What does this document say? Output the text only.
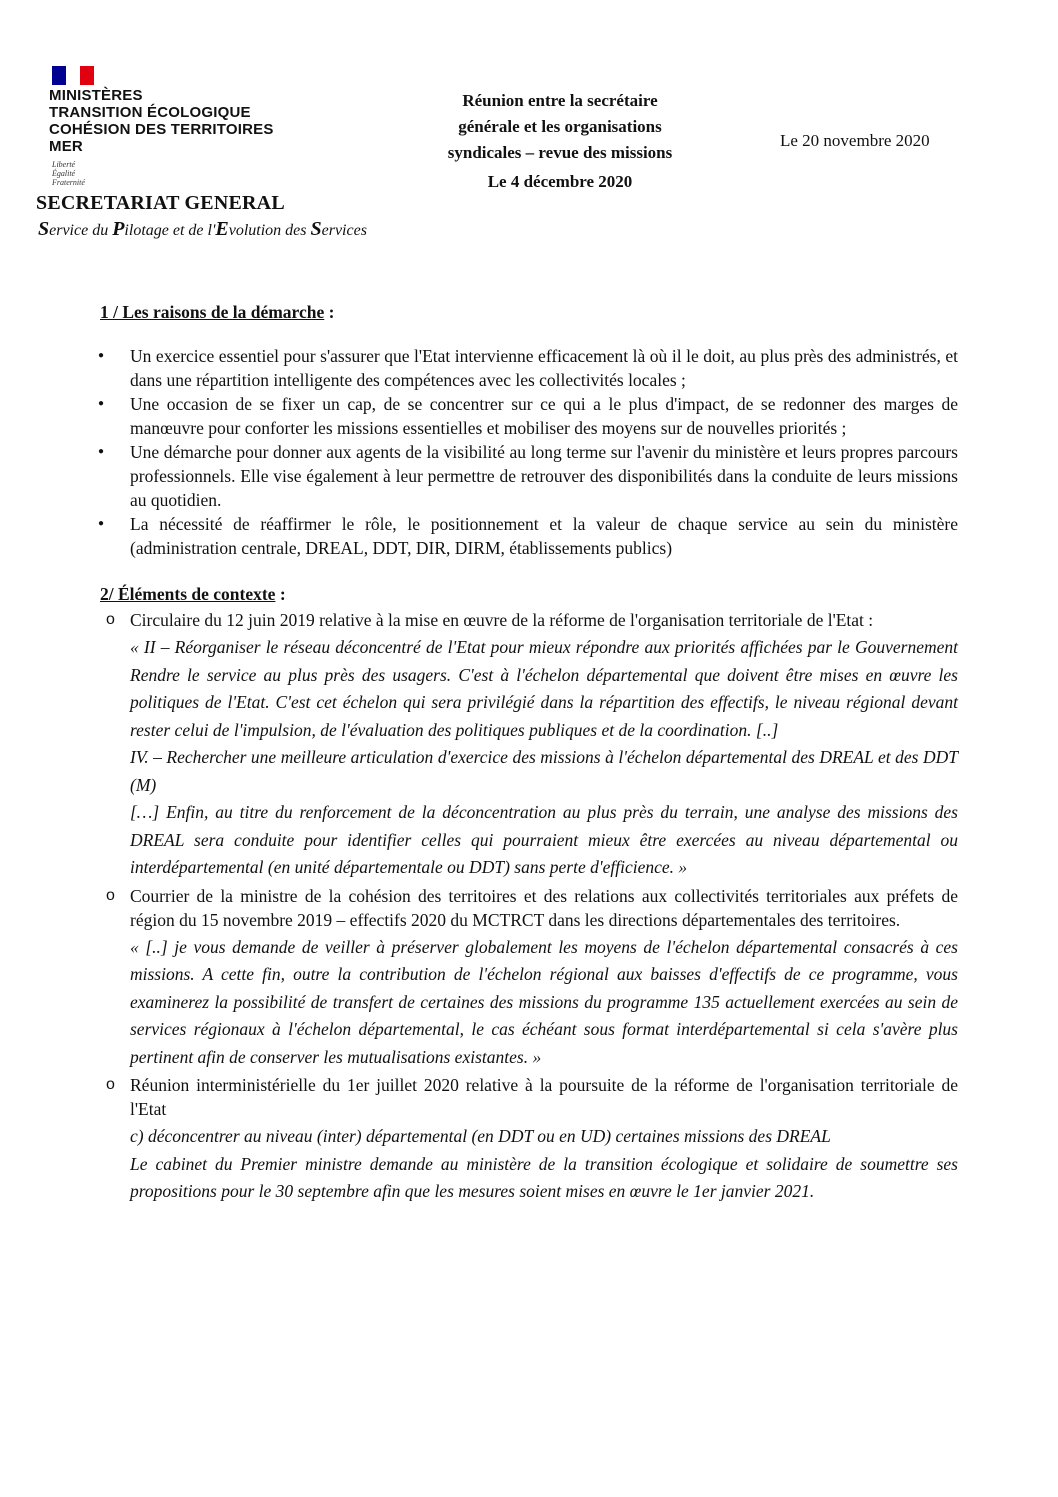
MINISTÈRES
TRANSITION ÉCOLOGIQUE
COHÉSION DES TERRITOIRES
MER
Liberté
Égalité
Fraternité
SECRETARIAT GENERAL
Service du Pilotage et de l'Evolution des Services
Réunion entre la secrétaire
générale et les organisations
syndicales – revue des missions
Le 4 décembre 2020
Le 20 novembre 2020
1 / Les raisons de la démarche :
● Un exercice essentiel pour s'assurer que l'Etat intervienne efficacement là où il le doit, au plus près des administrés, et dans une répartition intelligente des compétences avec les collectivités locales ;
● Une occasion de se fixer un cap, de se concentrer sur ce qui a le plus d'impact, de se redonner des marges de manœuvre pour conforter les missions essentielles et mobiliser des moyens sur de nouvelles priorités ;
● Une démarche pour donner aux agents de la visibilité au long terme sur l'avenir du ministère et leurs propres parcours professionnels. Elle vise également à leur permettre de retrouver des disponibilités dans la conduite de leurs missions au quotidien.
● La nécessité de réaffirmer le rôle, le positionnement et la valeur de chaque service au sein du ministère (administration centrale, DREAL, DDT, DIR, DIRM, établissements publics)
2/ Éléments de contexte :
o Circulaire du 12 juin 2019 relative à la mise en œuvre de la réforme de l'organisation territoriale de l'Etat :

« II – Réorganiser le réseau déconcentré de l'Etat pour mieux répondre aux priorités affichées par le Gouvernement Rendre le service au plus près des usagers. C'est à l'échelon départemental que doivent être mises en œuvre les politiques de l'Etat. C'est cet échelon qui sera privilégié dans la répartition des effectifs, le niveau régional devant rester celui de l'impulsion, de l'évaluation des politiques publiques et de la coordination. [..]

IV. – Rechercher une meilleure articulation d'exercice des missions à l'échelon départemental des DREAL et des DDT (M)

[…] Enfin, au titre du renforcement de la déconcentration au plus près du terrain, une analyse des missions des DREAL sera conduite pour identifier celles qui pourraient mieux être exercées au niveau départemental ou interdépartemental (en unité départementale ou DDT) sans perte d'efficience. »

o Courrier de la ministre de la cohésion des territoires et des relations aux collectivités territoriales aux préfets de région du 15 novembre 2019 – effectifs 2020 du MCTRCT dans les directions départementales des territoires.

« [..] je vous demande de veiller à préserver globalement les moyens de l'échelon départemental consacrés à ces missions. A cette fin, outre la contribution de l'échelon régional aux baisses d'effectifs de ce programme, vous examinerez la possibilité de transfert de certaines des missions du programme 135 actuellement exercées au sein de services régionaux à l'échelon départemental, le cas échéant sous format interdépartemental si cela s'avère plus pertinent afin de conserver les mutualisations existantes. »

o Réunion interministérielle du 1er juillet 2020 relative à la poursuite de la réforme de l'organisation territoriale de l'Etat

c) déconcentrer au niveau (inter) départemental (en DDT ou en UD) certaines missions des DREAL

Le cabinet du Premier ministre demande au ministère de la transition écologique et solidaire de soumettre ses propositions pour le 30 septembre afin que les mesures soient mises en œuvre le 1er janvier 2021.
